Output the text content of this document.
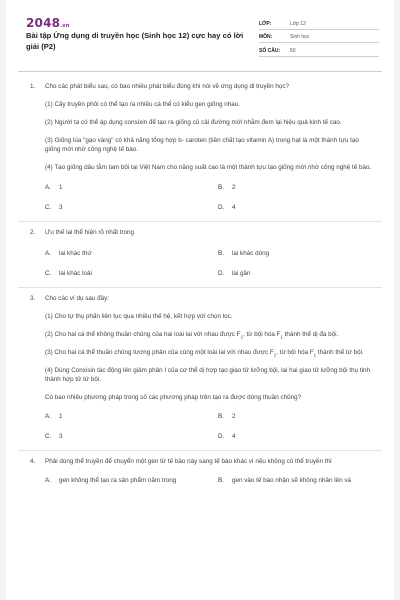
2048.vn
Bài tập Ứng dụng di truyền học (Sinh học 12) cực hay có lời giải (P2)
LỚP:	Lớp 12
MÔN:	Sinh học
SỐ CÂU:	50
1. Cho các phát biểu sau, có bao nhiêu phát biểu đúng khi nói về ứng dụng di truyền học?
(1) Cấy truyền phôi có thể tạo ra nhiều cá thể có kiểu gen giống nhau.
(2) Người ta có thể áp dụng consixin để tạo ra giống củ cải đường mới nhằm đem lại hiệu quả kinh tế cao.
(3) Giống lúa "gạo vàng" có khả năng tổng hợp b- caroten (tiền chất tạo vitamin A) trong hạt là một thành tựu tạo giống mới nhờ công nghệ tế bào.
(4) Tạo giống dâu tằm tam bội tại Việt Nam cho năng suất cao là một thành tựu tạo giống mới nhờ công nghệ tế bào.
A. 1	B. 2
C. 3	D. 4
2. Ưu thế lai thể hiện rõ nhất trong
A. lai khác thứ	B. lai khác dòng
C. lai khác loài	D. lai gần
3. Cho các ví dụ sau đây:
(1) Cho tự thụ phấn liên tục qua nhiều thế hệ, kết hợp với chọn lọc.
(2) Cho hai cá thể không thuần chủng của hai loài lai với nhau được $F_1$, từ bội hóa $F_1$ thành thể dị đa bội.
(3) Cho hai cá thể thuần chủng tương phản của cùng một loài lai với nhau được $F_1$, từ bội hóa $F_1$ thành thể tứ bội.
(4) Dùng Conxisin tác động lên giảm phân I của cơ thể dị hợp tạo giao tử lưỡng bội, lai hai giao tử lưỡng bội thụ tinh thành hợp tử tứ bội.
Có bao nhiêu phương pháp trong số các phương pháp trên tạo ra được dòng thuần chủng?
A. 1	B. 2
C. 3	D. 4
4. Phải dùng thể truyền để chuyển một gen từ tế bào này sang tế bào khác vì nếu không có thể truyền thì
A. gen không thể tạo ra sản phẩm năm trong	B. gen vào tế bào nhận sẽ không nhân lên và
